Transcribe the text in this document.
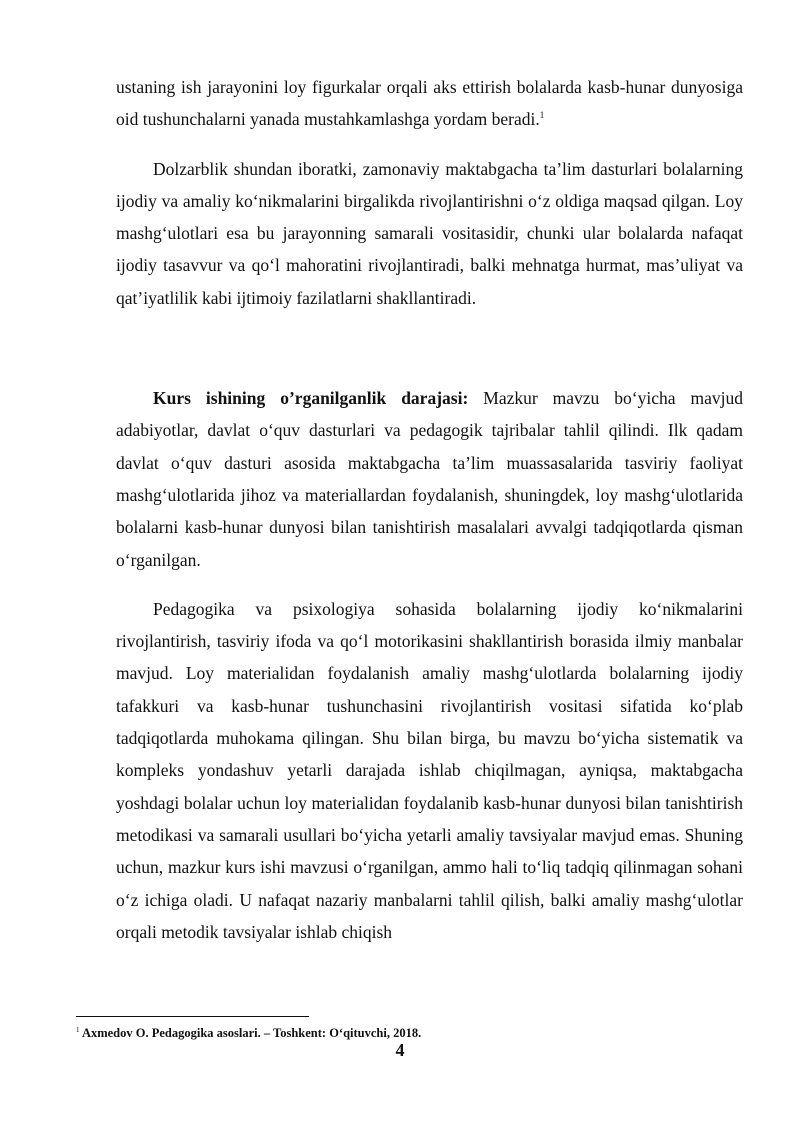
ustaning ish jarayonini loy figurkalar orqali aks ettirish bolalarda kasb-hunar dunyosiga oid tushunchalarni yanada mustahkamlashga yordam beradi.$^1$

Dolzarblik shundan iboratki, zamonaviy maktabgacha ta’lim dasturlari bolalarning ijodiy va amaliy ko‘nikmalarini birgalikda rivojlantirishni o‘z oldiga maqsad qilgan. Loy mashg‘ulotlari esa bu jarayonning samarali vositasidir, chunki ular bolalarda nafaqat ijodiy tasavvur va qo‘l mahoratini rivojlantiradi, balki mehnatga hurmat, mas’uliyat va qat’iyatlilik kabi ijtimoiy fazilatlarni shakllantiradi.

Kurs ishining o’rganilganlik darajasi: Mazkur mavzu bo‘yicha mavjud adabiyotlar, davlat o‘quv dasturlari va pedagogik tajribalar tahlil qilindi. Ilk qadam davlat o‘quv dasturi asosida maktabgacha ta’lim muassasalarida tasviriy faoliyat mashg‘ulotlarida jihoz va materiallardan foydalanish, shuningdek, loy mashg‘ulotlarida bolalarni kasb-hunar dunyosi bilan tanishtirish masalalari avvalgi tadqiqotlarda qisman o‘rganilgan.

Pedagogika va psixologiya sohasida bolalarning ijodiy ko‘nikmalarini rivojlantirish, tasviriy ifoda va qo‘l motorikasini shakllantirish borasida ilmiy manbalar mavjud. Loy materialidan foydalanish amaliy mashg‘ulotlarda bolalarning ijodiy tafakkuri va kasb-hunar tushunchasini rivojlantirish vositasi sifatida ko‘plab tadqiqotlarda muhokama qilingan. Shu bilan birga, bu mavzu bo‘yicha sistematik va kompleks yondashuv yetarli darajada ishlab chiqilmagan, ayniqsa, maktabgacha yoshdagi bolalar uchun loy materialidan foydalanib kasb-hunar dunyosi bilan tanishtirish metodikasi va samarali usullari bo‘yicha yetarli amaliy tavsiyalar mavjud emas. Shuning uchun, mazkur kurs ishi mavzusi o‘rganilgan, ammo hali to‘liq tadqiq qilinmagan sohani o‘z ichiga oladi. U nafaqat nazariy manbalarni tahlil qilish, balki amaliy mashg‘ulotlar orqali metodik tavsiyalar ishlab chiqish

$^1$ Axmedov O. Pedagogika asoslari. – Toshkent: O‘qituvchi, 2018.
4
